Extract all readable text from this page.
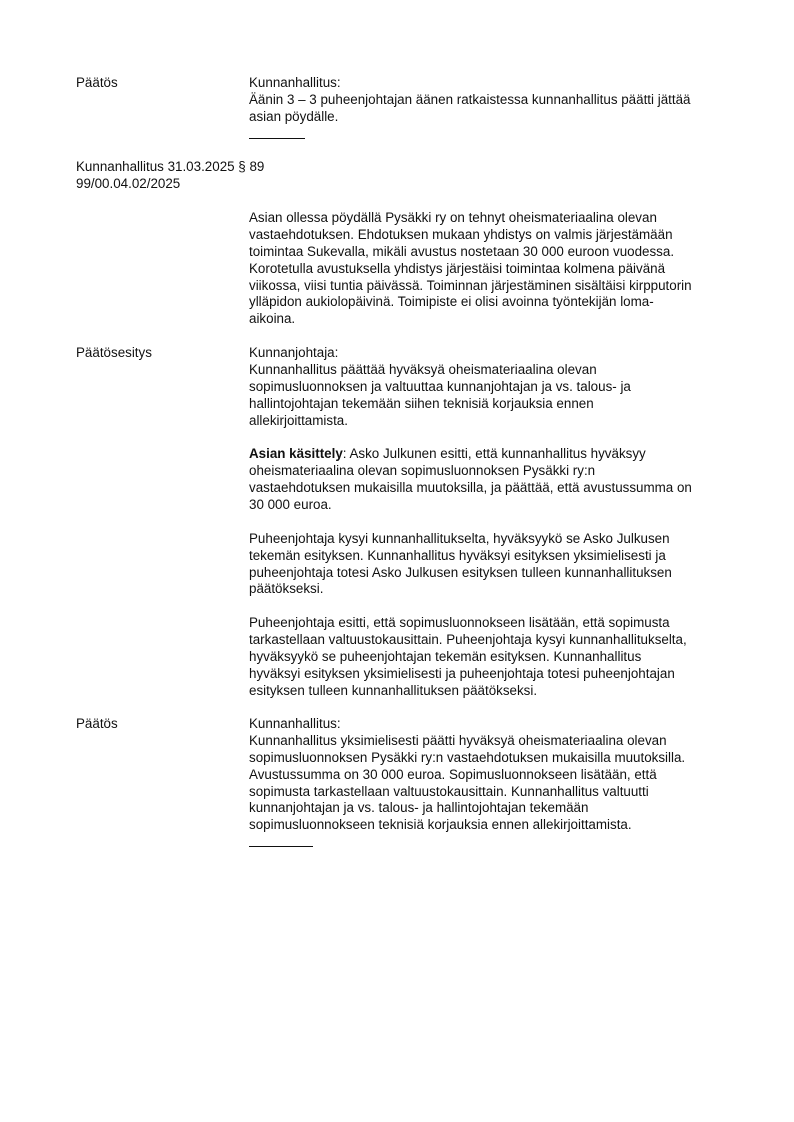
Päätös	Kunnanhallitus:
Äänin 3 – 3 puheenjohtajan äänen ratkaistessa kunnanhallitus päätti jättää
asian pöydälle.
Kunnanhallitus 31.03.2025 § 89
99/00.04.02/2025
Asian ollessa pöydällä Pysäkki ry on tehnyt oheismateriaalina olevan
vastaehdotuksen. Ehdotuksen mukaan yhdistys on valmis järjestämään
toimintaa Sukevalla, mikäli avustus nostetaan 30 000 euroon vuodessa.
Korotetulla avustuksella yhdistys järjestäisi toimintaa kolmena päivänä
viikossa, viisi tuntia päivässä. Toiminnan järjestäminen sisältäisi kirpputorin
ylläpidon aukiolopäivinä. Toimipiste ei olisi avoinna työntekijän loma-
aikoina.
Päätösesitys	Kunnanjohtaja:
Kunnanhallitus päättää hyväksyä oheismateriaalina olevan
sopimusluonnoksen ja valtuuttaa kunnanjohtajan ja vs. talous- ja
hallintojohtajan tekemään siihen teknisiä korjauksia ennen
allekirjoittamista.
Asian käsittely: Asko Julkunen esitti, että kunnanhallitus hyväksyy
oheismateriaalina olevan sopimusluonnoksen Pysäkki ry:n
vastaehdotuksen mukaisilla muutoksilla, ja päättää, että avustussumma on
30 000 euroa.
Puheenjohtaja kysyi kunnanhallitukselta, hyväksyykö se Asko Julkusen
tekemän esityksen. Kunnanhallitus hyväksyi esityksen yksimielisesti ja
puheenjohtaja totesi Asko Julkusen esityksen tulleen kunnanhallituksen
päätökseksi.
Puheenjohtaja esitti, että sopimusluonnokseen lisätään, että sopimusta
tarkastellaan valtuustokausittain. Puheenjohtaja kysyi kunnanhallitukselta,
hyväksyykö se puheenjohtajan tekemän esityksen. Kunnanhallitus
hyväksyi esityksen yksimielisesti ja puheenjohtaja totesi puheenjohtajan
esityksen tulleen kunnanhallituksen päätökseksi.
Päätös	Kunnanhallitus:
Kunnanhallitus yksimielisesti päätti hyväksyä oheismateriaalina olevan
sopimusluonnoksen Pysäkki ry:n vastaehdotuksen mukaisilla muutoksilla.
Avustussumma on 30 000 euroa. Sopimusluonnokseen lisätään, että
sopimusta tarkastellaan valtuustokausittain. Kunnanhallitus valtuutti
kunnanjohtajan ja vs. talous- ja hallintojohtajan tekemään
sopimusluonnokseen teknisiä korjauksia ennen allekirjoittamista.
